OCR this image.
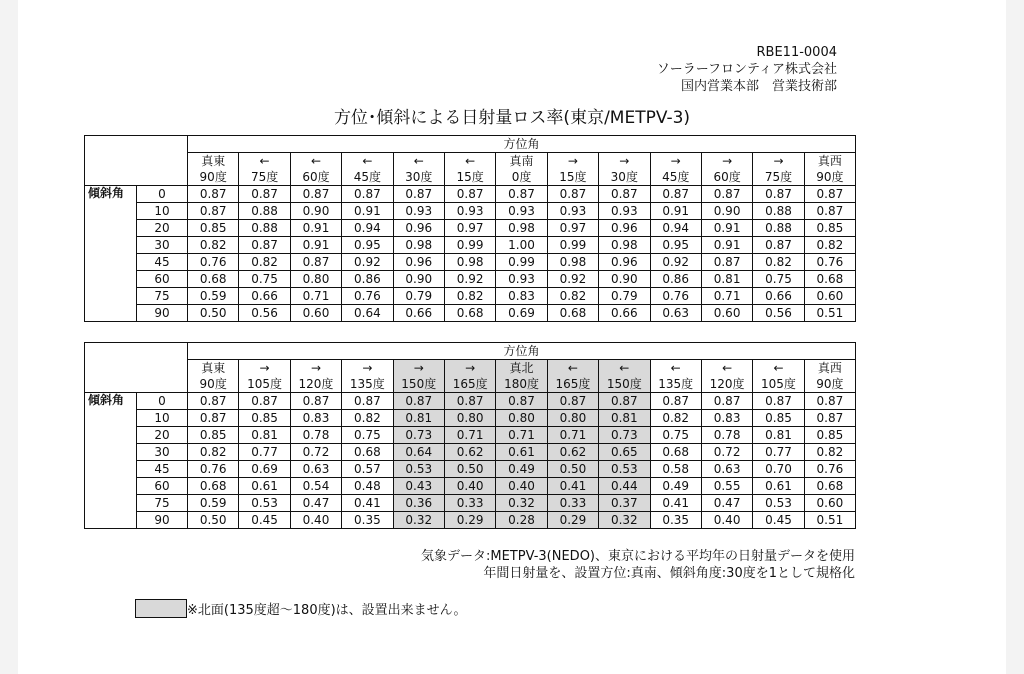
RBE11-0004
ソーラーフロンティア株式会社
国内営業本部　営業技術部
方位･傾斜による日射量ロス率(東京/METPV-3)
		方位角												
		真東	←	←	←	←	←	真南	→	→	→	→	→	真西
		90度	75度	60度	45度	30度	15度	0度	15度	30度	45度	60度	75度	90度
傾斜角	0	0.87	0.87	0.87	0.87	0.87	0.87	0.87	0.87	0.87	0.87	0.87	0.87	0.87
	10	0.87	0.88	0.90	0.91	0.93	0.93	0.93	0.93	0.93	0.91	0.90	0.88	0.87
	20	0.85	0.88	0.91	0.94	0.96	0.97	0.98	0.97	0.96	0.94	0.91	0.88	0.85
	30	0.82	0.87	0.91	0.95	0.98	0.99	1.00	0.99	0.98	0.95	0.91	0.87	0.82
	45	0.76	0.82	0.87	0.92	0.96	0.98	0.99	0.98	0.96	0.92	0.87	0.82	0.76
	60	0.68	0.75	0.80	0.86	0.90	0.92	0.93	0.92	0.90	0.86	0.81	0.75	0.68
	75	0.59	0.66	0.71	0.76	0.79	0.82	0.83	0.82	0.79	0.76	0.71	0.66	0.60
	90	0.50	0.56	0.60	0.64	0.66	0.68	0.69	0.68	0.66	0.63	0.60	0.56	0.51
		方位角												
		真東	→	→	→	→	→	真北	←	←	←	←	←	真西
		90度	105度	120度	135度	150度	165度	180度	165度	150度	135度	120度	105度	90度
傾斜角	0	0.87	0.87	0.87	0.87	0.87	0.87	0.87	0.87	0.87	0.87	0.87	0.87	0.87
	10	0.87	0.85	0.83	0.82	0.81	0.80	0.80	0.80	0.81	0.82	0.83	0.85	0.87
	20	0.85	0.81	0.78	0.75	0.73	0.71	0.71	0.71	0.73	0.75	0.78	0.81	0.85
	30	0.82	0.77	0.72	0.68	0.64	0.62	0.61	0.62	0.65	0.68	0.72	0.77	0.82
	45	0.76	0.69	0.63	0.57	0.53	0.50	0.49	0.50	0.53	0.58	0.63	0.70	0.76
	60	0.68	0.61	0.54	0.48	0.43	0.40	0.40	0.41	0.44	0.49	0.55	0.61	0.68
	75	0.59	0.53	0.47	0.41	0.36	0.33	0.32	0.33	0.37	0.41	0.47	0.53	0.60
	90	0.50	0.45	0.40	0.35	0.32	0.29	0.28	0.29	0.32	0.35	0.40	0.45	0.51
気象データ:METPV-3(NEDO)、東京における平均年の日射量データを使用
年間日射量を、設置方位:真南、傾斜角度:30度を1として規格化
※北面(135度超～180度)は、設置出来ません。
